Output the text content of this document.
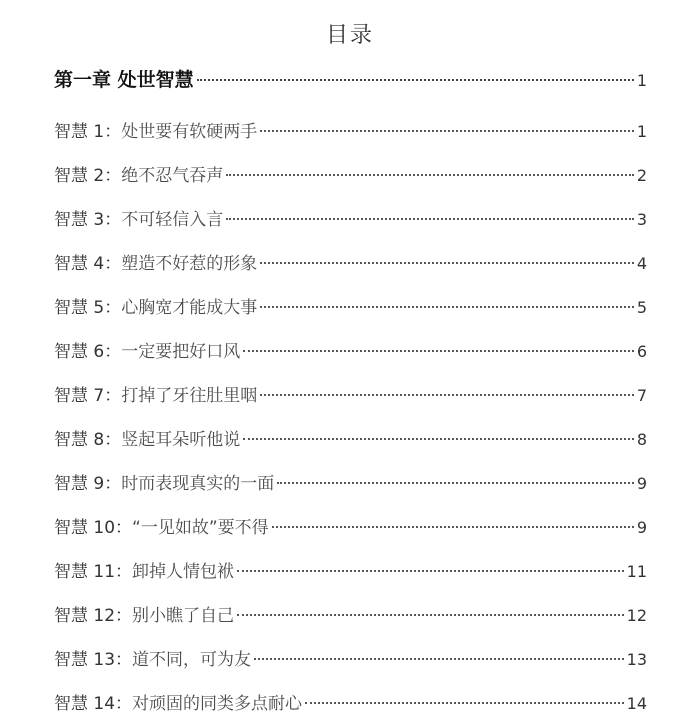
目录
第一章 处世智慧	1
智慧 1：处世要有软硬两手	1
智慧 2：绝不忍气吞声	2
智慧 3：不可轻信入言	3
智慧 4：塑造不好惹的形象	4
智慧 5：心胸宽才能成大事	5
智慧 6：一定要把好口风	6
智慧 7：打掉了牙往肚里咽	7
智慧 8：竖起耳朵听他说	8
智慧 9：时而表现真实的一面	9
智慧 10：“一见如故”要不得	9
智慧 11：卸掉人情包袱	11
智慧 12：别小瞧了自己	12
智慧 13：道不同，可为友	13
智慧 14：对顽固的同类多点耐心	14
